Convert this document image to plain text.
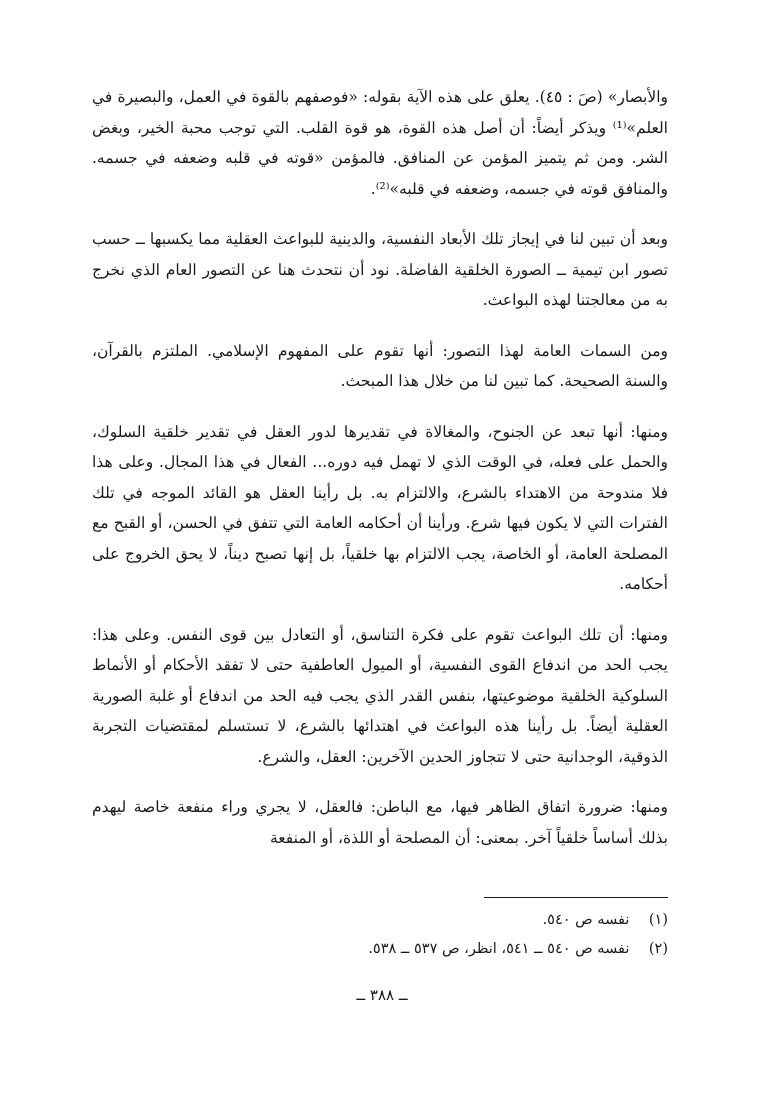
والأبصار» (صَ : ٤٥). يعلق على هذه الآية بقوله: «فوصفهم بالقوة في العمل، والبصيرة في العلم»⁽¹⁾ ويذكر أيضاً: أن أصل هذه القوة، هو قوة القلب. التي توجب محبة الخير، وبغض الشر. ومن ثم يتميز المؤمن عن المنافق. فالمؤمن «قوته في قلبه وضعفه في جسمه. والمنافق قوته في جسمه، وضعفه في قلبه»⁽²⁾.

وبعد أن تبين لنا في إيجاز تلك الأبعاد النفسية، والدينية للبواعث العقلية مما يكسبها ــ حسب تصور ابن تيمية ــ الصورة الخلقية الفاضلة. نود أن نتحدث هنا عن التصور العام الذي نخرج به من معالجتنا لهذه البواعث.

ومن السمات العامة لهذا التصور: أنها تقوم على المفهوم الإسلامي. الملتزم بالقرآن، والسنة الصحيحة. كما تبين لنا من خلال هذا المبحث.

ومنها: أنها تبعد عن الجنوح، والمغالاة في تقديرها لدور العقل في تقدير خلقية السلوك، والحمل على فعله، في الوقت الذي لا تهمل فيه دوره... الفعال في هذا المجال. وعلى هذا فلا مندوحة من الاهتداء بالشرع، والالتزام به. بل رأينا العقل هو القائد الموجه في تلك الفترات التي لا يكون فيها شرع. ورأينا أن أحكامه العامة التي تتفق في الحسن، أو القبح مع المصلحة العامة، أو الخاصة، يجب الالتزام بها خلقياً، بل إنها تصبح ديناً، لا يحق الخروج على أحكامه.

ومنها: أن تلك البواعث تقوم على فكرة التناسق، أو التعادل بين قوى النفس. وعلى هذا: يجب الحد من اندفاع القوى النفسية، أو الميول العاطفية حتى لا تفقد الأحكام أو الأنماط السلوكية الخلقية موضوعيتها، بنفس القدر الذي يجب فيه الحد من اندفاع أو غلبة الصورية العقلية أيضاً. بل رأينا هذه البواعث في اهتدائها بالشرع، لا تستسلم لمقتضيات التجربة الذوقية، الوجدانية حتى لا تتجاوز الحدين الآخرين: العقل، والشرع.

ومنها: ضرورة اتفاق الظاهر فيها، مع الباطن: فالعقل، لا يجري وراء منفعة خاصة ليهدم بذلك أساساً خلقياً آخر. بمعنى: أن المصلحة أو اللذة، أو المنفعة

(١) نفسه ص ٥٤٠.
(٢) نفسه ص ٥٤٠ ــ ٥٤١، انظر، ص ٥٣٧ ــ ٥٣٨.
ــ ٣٨٨ ــ
